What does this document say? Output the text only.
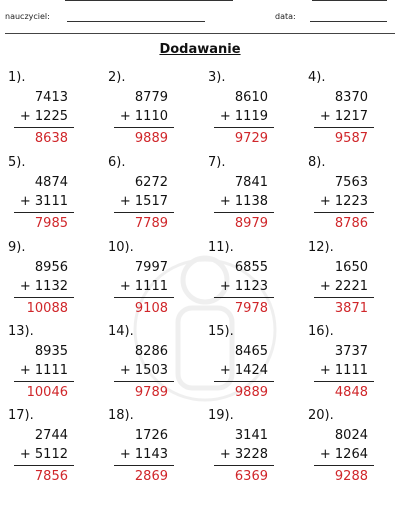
nauczyciel:	data:
Dodawanie
1).
7413
+ 1225
8638
2).
8779
+ 1110
9889
3).
8610
+ 1119
9729
4).
8370
+ 1217
9587
5).
4874
+ 3111
7985
6).
6272
+ 1517
7789
7).
7841
+ 1138
8979
8).
7563
+ 1223
8786
9).
8956
+ 1132
10088
10).
7997
+ 1111
9108
11).
6855
+ 1123
7978
12).
1650
+ 2221
3871
13).
8935
+ 1111
10046
14).
8286
+ 1503
9789
15).
8465
+ 1424
9889
16).
3737
+ 1111
4848
17).
2744
+ 5112
7856
18).
1726
+ 1143
2869
19).
3141
+ 3228
6369
20).
8024
+ 1264
9288
